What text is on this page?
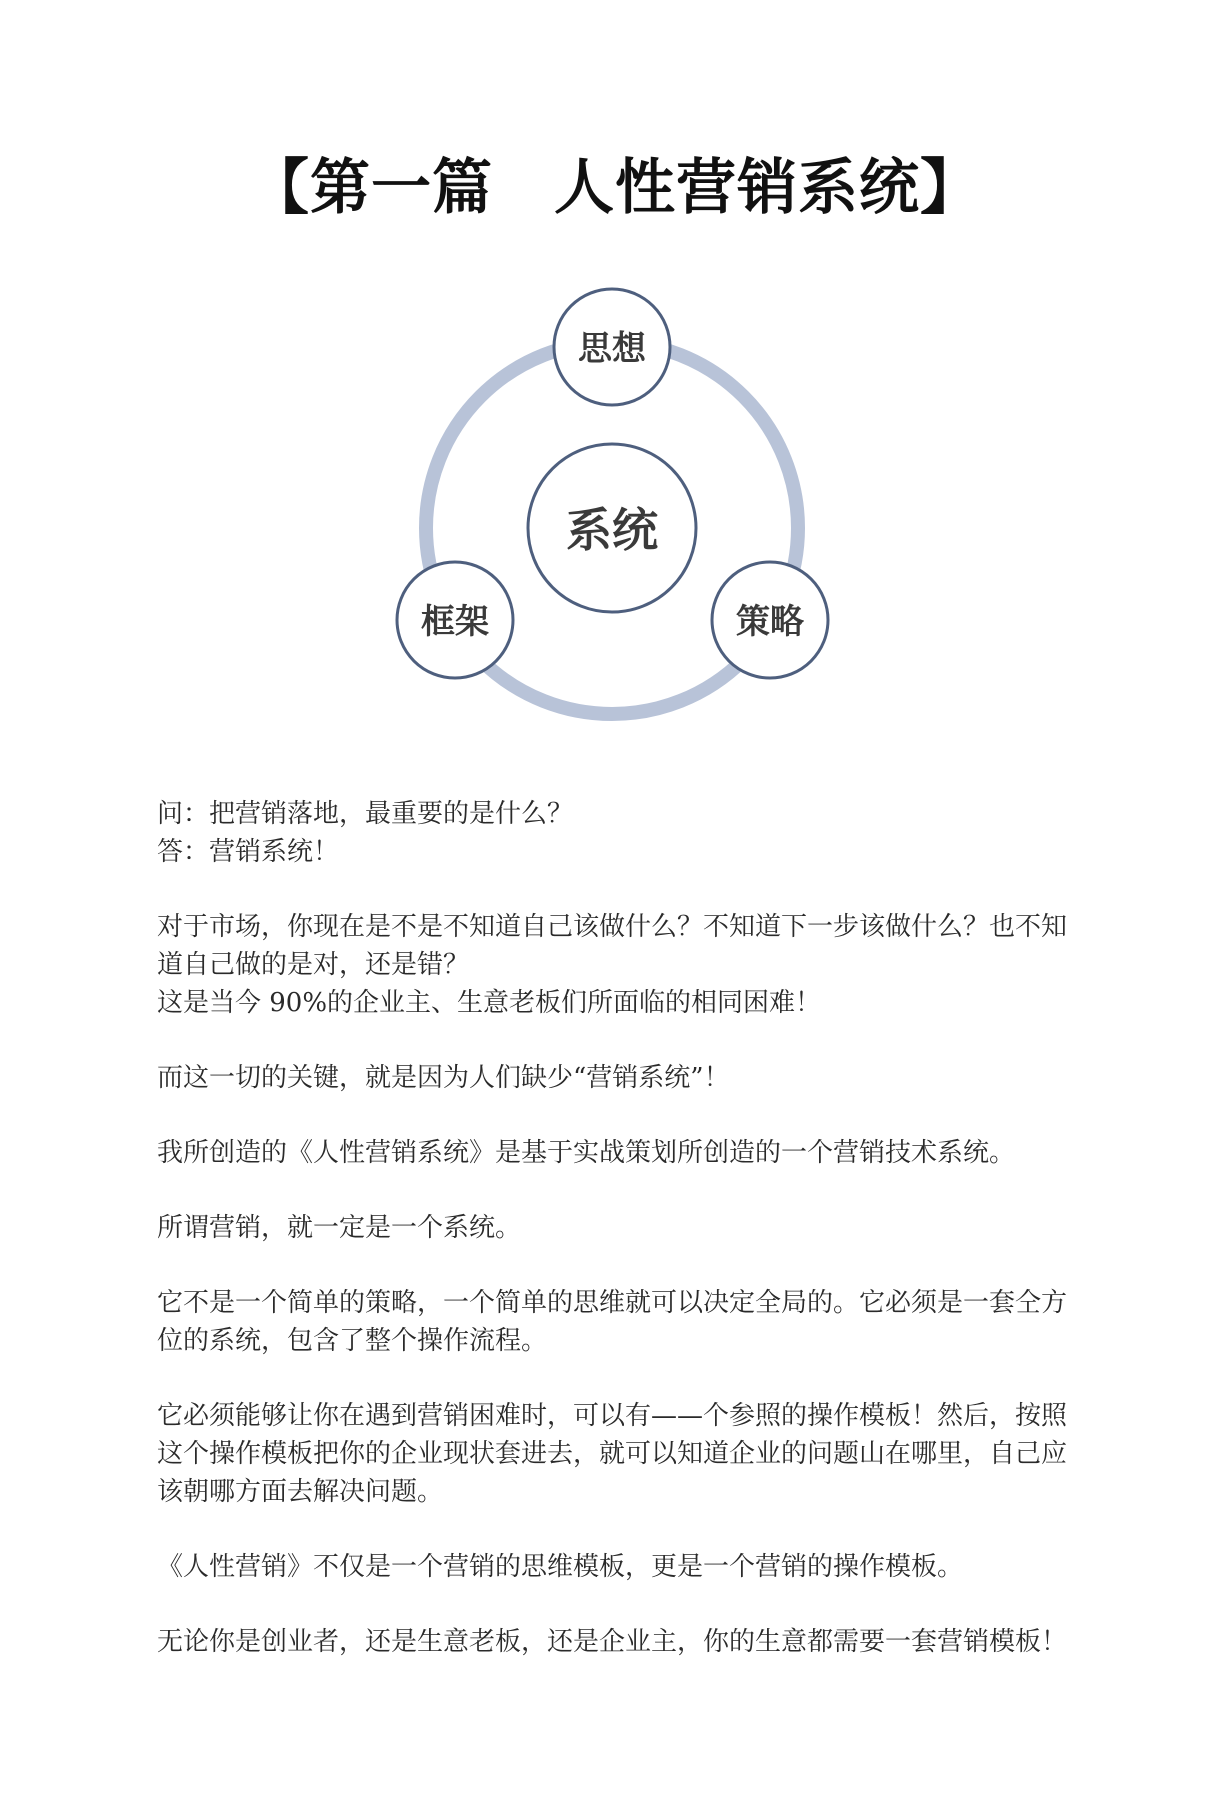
【第一篇　人性营销系统】
系统
思想
框架	策略

问：把营销落地，最重要的是什么？
答：营销系统！

对于市场，你现在是不是不知道自己该做什么？不知道下一步该做什么？也不知
道自己做的是对，还是错？
这是当今 90%的企业主、生意老板们所面临的相同困难！

而这一切的关键，就是因为人们缺少“营销系统”！

我所创造的《人性营销系统》是基于实战策划所创造的一个营销技术系统。

所谓营销，就一定是一个系统。

它不是一个简单的策略，一个简单的思维就可以决定全局的。它必须是一套仝方
位的系统，包含了整个操作流程。

它必须能够让你在遇到营销困难时，可以有——个参照的操作模板！然后，按照
这个操作模板把你的企业现状套进去，就可以知道企业的问题山在哪里，自己应
该朝哪方面去解决问题。

《人性营销》不仅是一个营销的思维模板，更是一个营销的操作模板。

无论你是创业者，还是生意老板，还是企业主，你的生意都需要一套营销模板！
